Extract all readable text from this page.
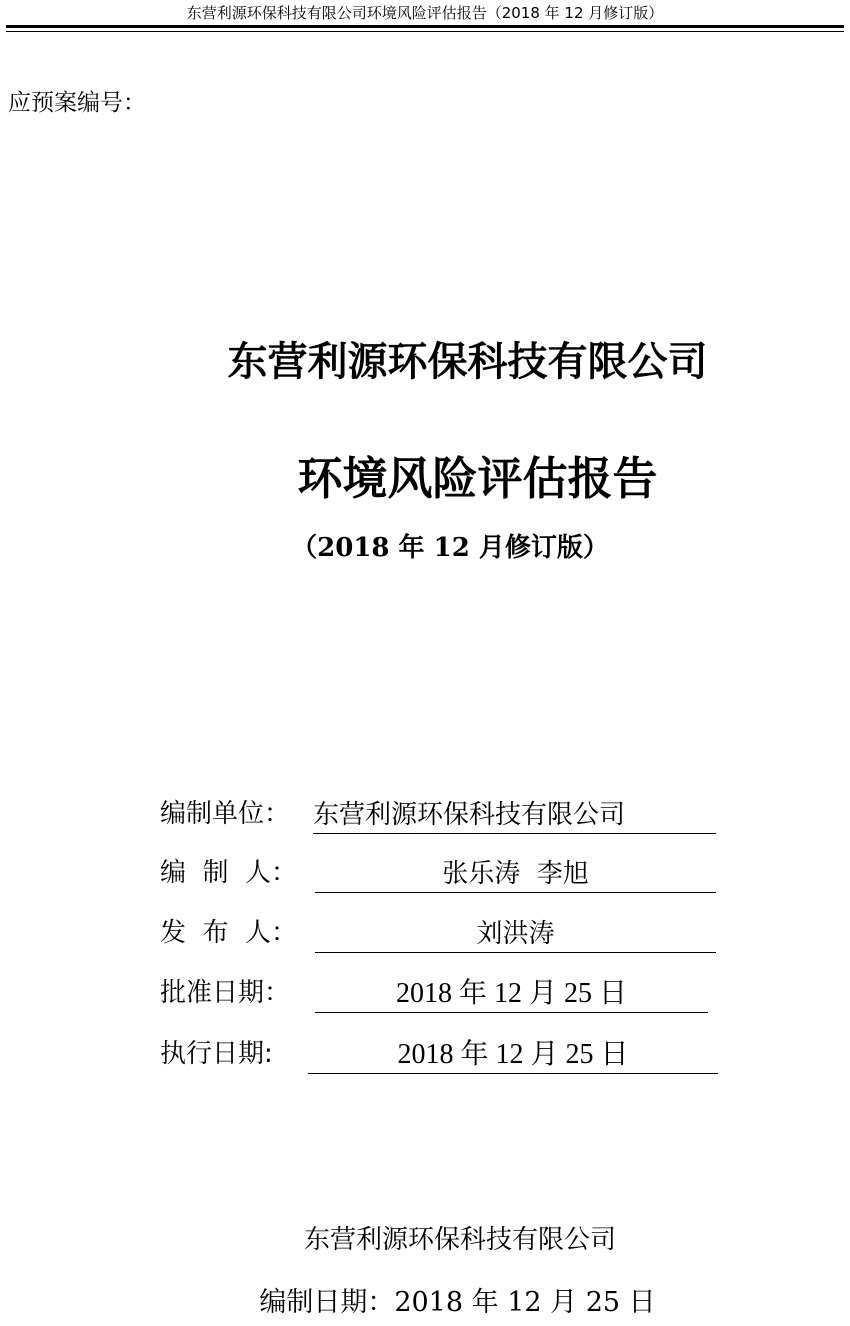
东营利源环保科技有限公司环境风险评估报告（2018 年 12 月修订版）
应预案编号：
东营利源环保科技有限公司
环境风险评估报告
（2018 年 12 月修订版）
编制单位： 东营利源环保科技有限公司
编  制  人：	张乐涛  李旭
发  布  人：	刘洪涛
批准日期：	2018 年 12 月 25 日
执行日期:	2018 年 12 月 25 日
东营利源环保科技有限公司
编制日期：2018 年 12 月 25 日
